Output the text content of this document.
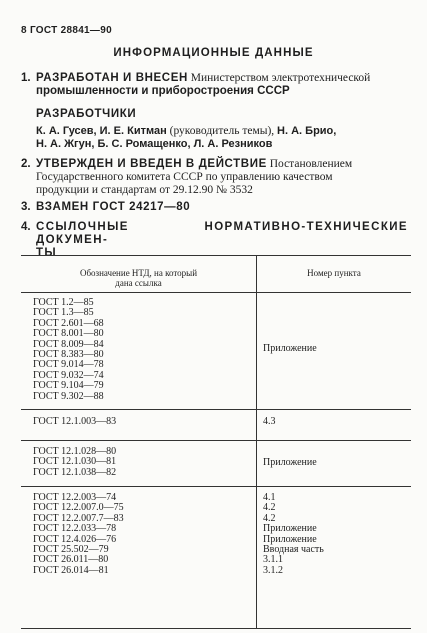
8 ГОСТ 28841—90
ИНФОРМАЦИОННЫЕ ДАННЫЕ
1. РАЗРАБОТАН И ВНЕСЕН Министерством электротехнической
промышленности и приборостроения СССР
РАЗРАБОТЧИКИ
К. А. Гусев, И. Е. Китман (руководитель темы), Н. А. Брио,
Н. А. Жгун, Б. С. Ромащенко, Л. А. Резников
2. УТВЕРЖДЕН И ВВЕДЕН В ДЕЙСТВИЕ Постановлением
Государственного комитета СССР по управлению качеством
продукции и стандартам от 29.12.90 № 3532
3. ВЗАМЕН ГОСТ 24217—80
4. ССЫЛОЧНЫЕ НОРМАТИВНО-ТЕХНИЧЕСКИЕ ДОКУМЕН-
ТЫ
Обозначение НТД, на который
дана ссылка
Номер пункта
ГОСТ 1.2—85
ГОСТ 1.3—85
ГОСТ 2.601—68
ГОСТ 8.001—80
ГОСТ 8.009—84
ГОСТ 8.383—80
ГОСТ 9.014—78
ГОСТ 9.032—74
ГОСТ 9.104—79
ГОСТ 9.302—88
Приложение
ГОСТ 12.1.003—83	4.3
ГОСТ 12.1.028—80
ГОСТ 12.1.030—81
ГОСТ 12.1.038—82
Приложение
ГОСТ 12.2.003—74
ГОСТ 12.2.007.0—75
ГОСТ 12.2.007.7—83
ГОСТ 12.2.033—78
ГОСТ 12.4.026—76
ГОСТ 25.502—79
ГОСТ 26.011—80
ГОСТ 26.014—81
4.1
4.2
4.2
Приложение
Приложение
Вводная часть
3.1.1
3.1.2
